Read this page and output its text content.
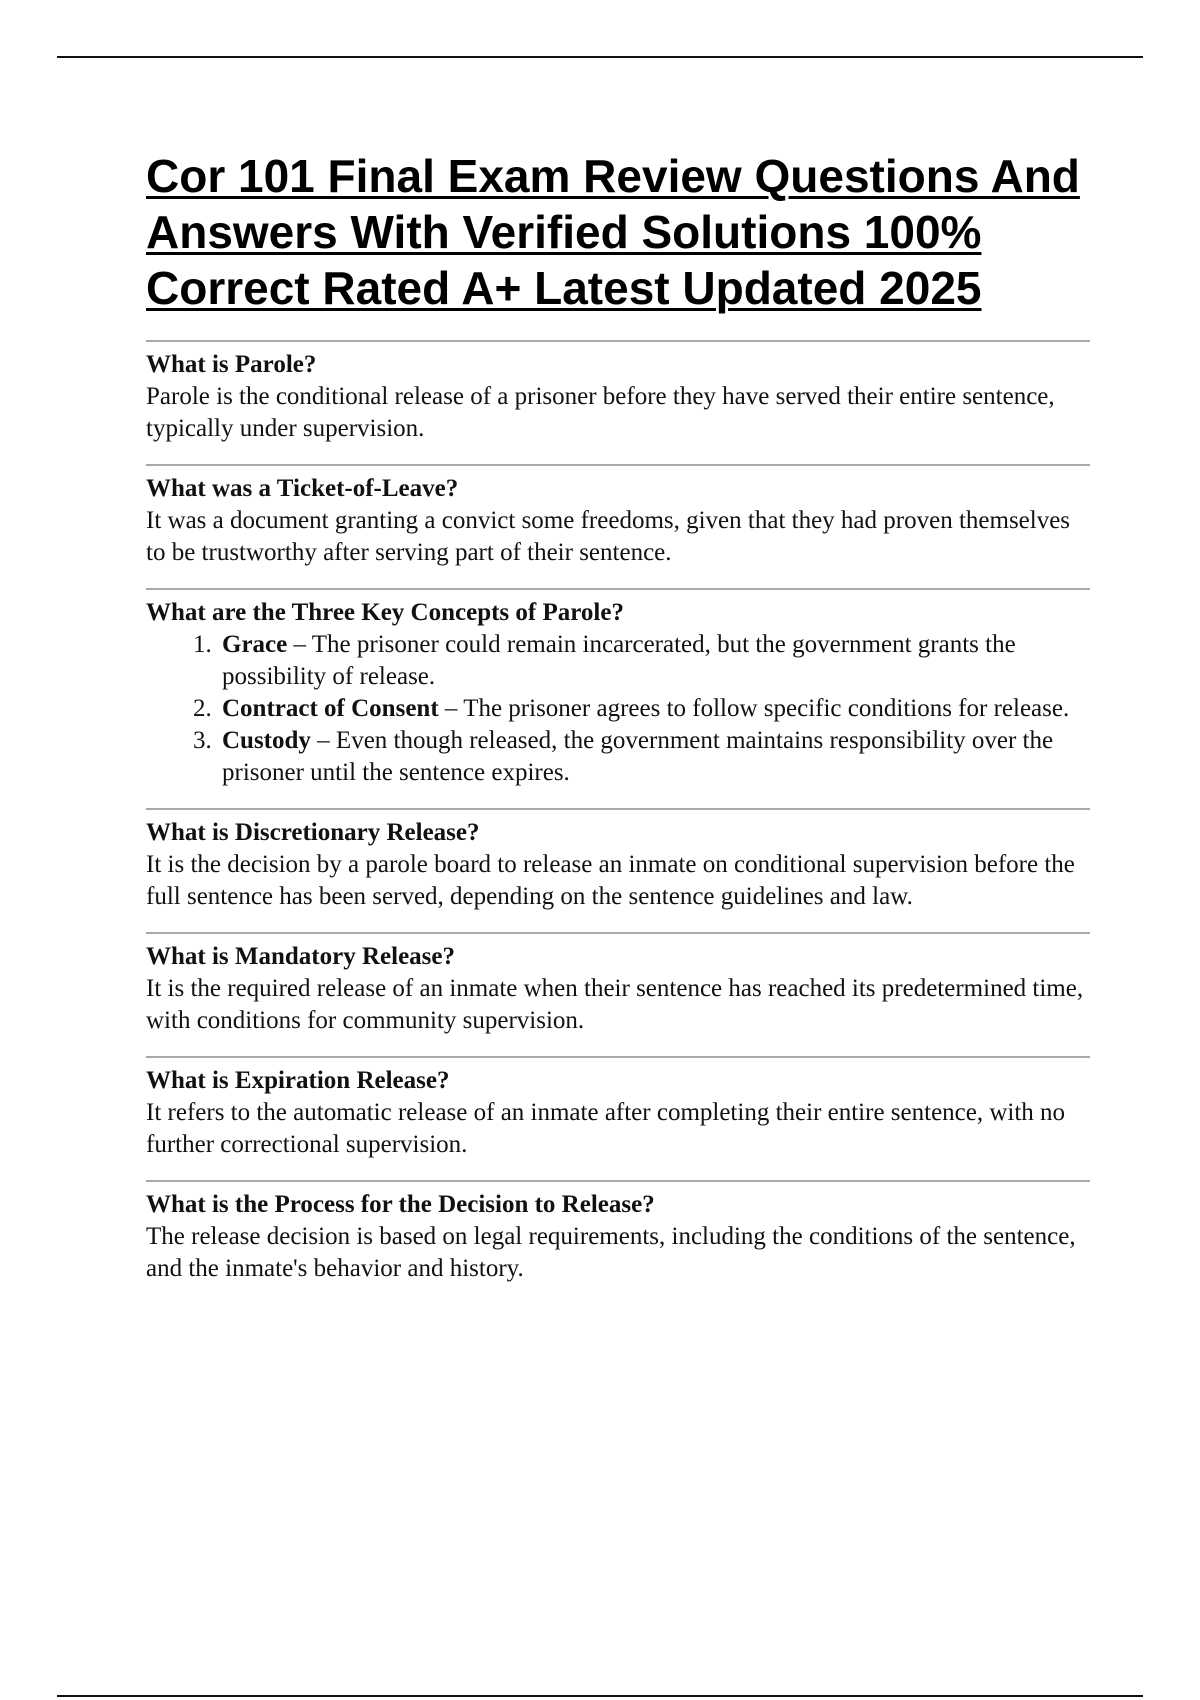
Cor 101 Final Exam Review Questions And Answers With Verified Solutions 100% Correct Rated A+ Latest Updated 2025

What is Parole?

Parole is the conditional release of a prisoner before they have served their entire sentence, typically under supervision.

What was a Ticket-of-Leave?

It was a document granting a convict some freedoms, given that they had proven themselves to be trustworthy after serving part of their sentence.

What are the Three Key Concepts of Parole?

1. Grace – The prisoner could remain incarcerated, but the government grants the possibility of release.
2. Contract of Consent – The prisoner agrees to follow specific conditions for release.
3. Custody – Even though released, the government maintains responsibility over the prisoner until the sentence expires.

What is Discretionary Release?

It is the decision by a parole board to release an inmate on conditional supervision before the full sentence has been served, depending on the sentence guidelines and law.

What is Mandatory Release?

It is the required release of an inmate when their sentence has reached its predetermined time, with conditions for community supervision.

What is Expiration Release?

It refers to the automatic release of an inmate after completing their entire sentence, with no further correctional supervision.

What is the Process for the Decision to Release?

The release decision is based on legal requirements, including the conditions of the sentence, and the inmate's behavior and history.
